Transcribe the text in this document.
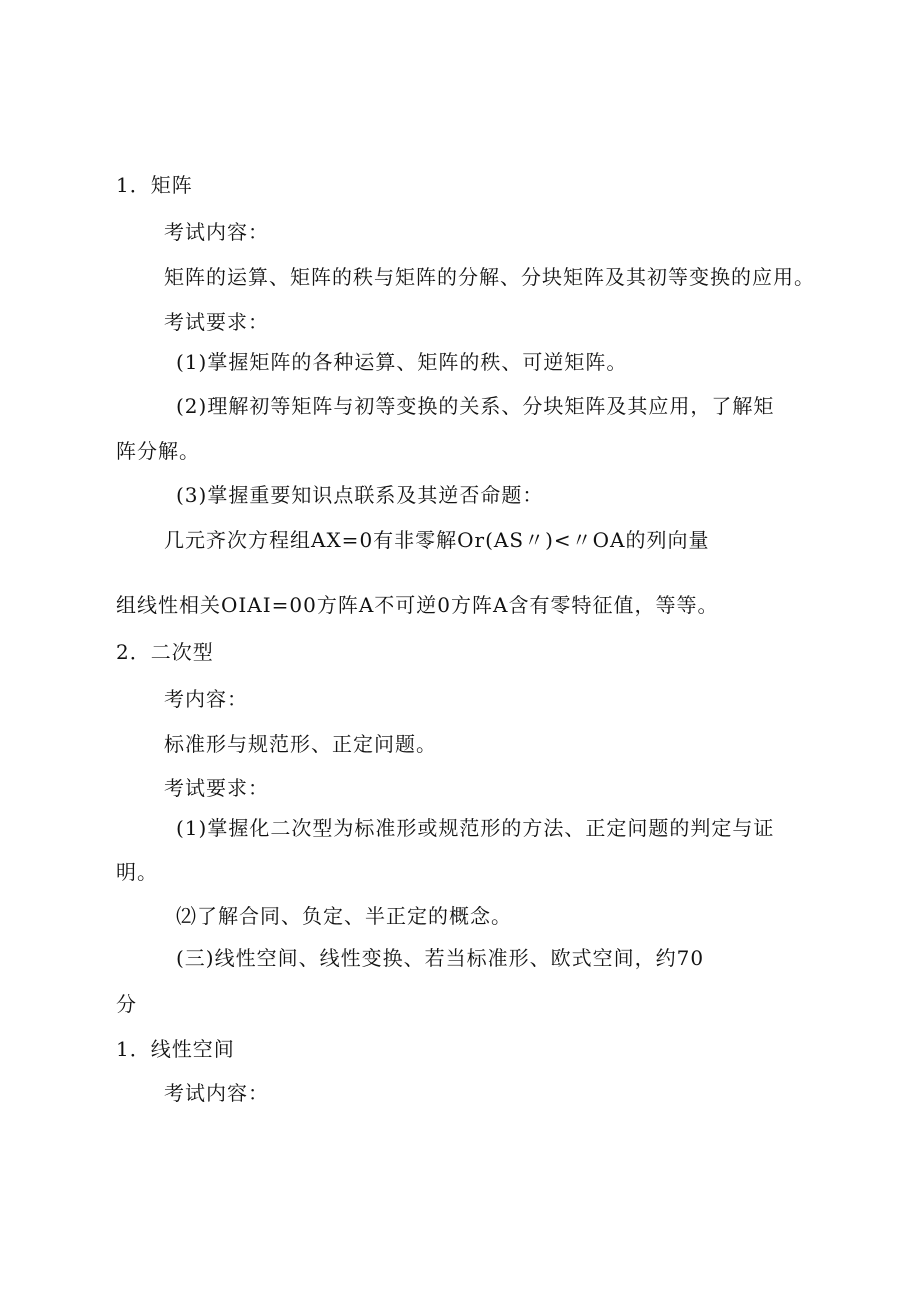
1．矩阵
考试内容：
矩阵的运算、矩阵的秩与矩阵的分解、分块矩阵及其初等变换的应用。
考试要求：
(1)掌握矩阵的各种运算、矩阵的秩、可逆矩阵。
(2)理解初等矩阵与初等变换的关系、分块矩阵及其应用，了解矩
阵分解。
(3)掌握重要知识点联系及其逆否命题：
几元齐次方程组AX=0有非零解Or(AS〃)<〃OA的列向量
组线性相关OIAI=00方阵A不可逆0方阵A含有零特征值，等等。
2．二次型
考内容：
标准形与规范形、正定问题。
考试要求：
(1)掌握化二次型为标准形或规范形的方法、正定问题的判定与证
明。
⑵了解合同、负定、半正定的概念。
(三)线性空间、线性变换、若当标准形、欧式空间，约70
分
1．线性空间
考试内容：
